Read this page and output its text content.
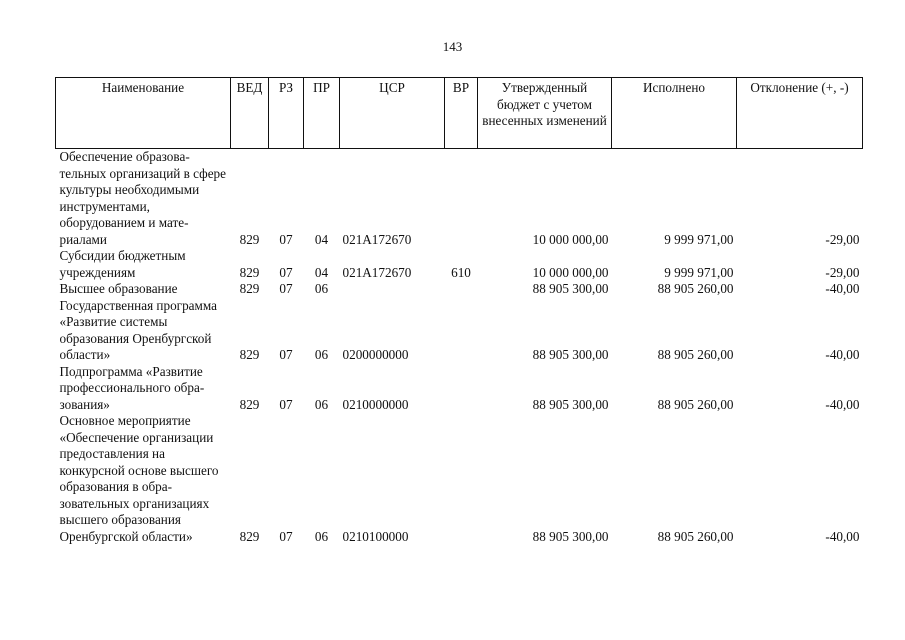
143
Наименование	ВЕД	РЗ	ПР	ЦСР	ВР	Утвержденный бюджет с учетом внесенных изменений	Исполнено	Отклонение (+, -)
Обеспечение образовательных организаций в сфере культуры необходимыми инструментами, оборудованием и материалами	829	07	04	021A172670		10 000 000,00	9 999 971,00	-29,00
Субсидии бюджетным учреждениям	829	07	04	021A172670	610	10 000 000,00	9 999 971,00	-29,00
Высшее образование	829	07	06			88 905 300,00	88 905 260,00	-40,00
Государственная программа «Развитие системы образования Оренбургской области»	829	07	06	0200000000		88 905 300,00	88 905 260,00	-40,00
Подпрограмма «Развитие профессионального образования»	829	07	06	0210000000		88 905 300,00	88 905 260,00	-40,00
Основное мероприятие «Обеспечение организации предоставления на конкурсной основе высшего образования в образовательных организациях высшего образования Оренбургской области»	829	07	06	0210100000		88 905 300,00	88 905 260,00	-40,00
